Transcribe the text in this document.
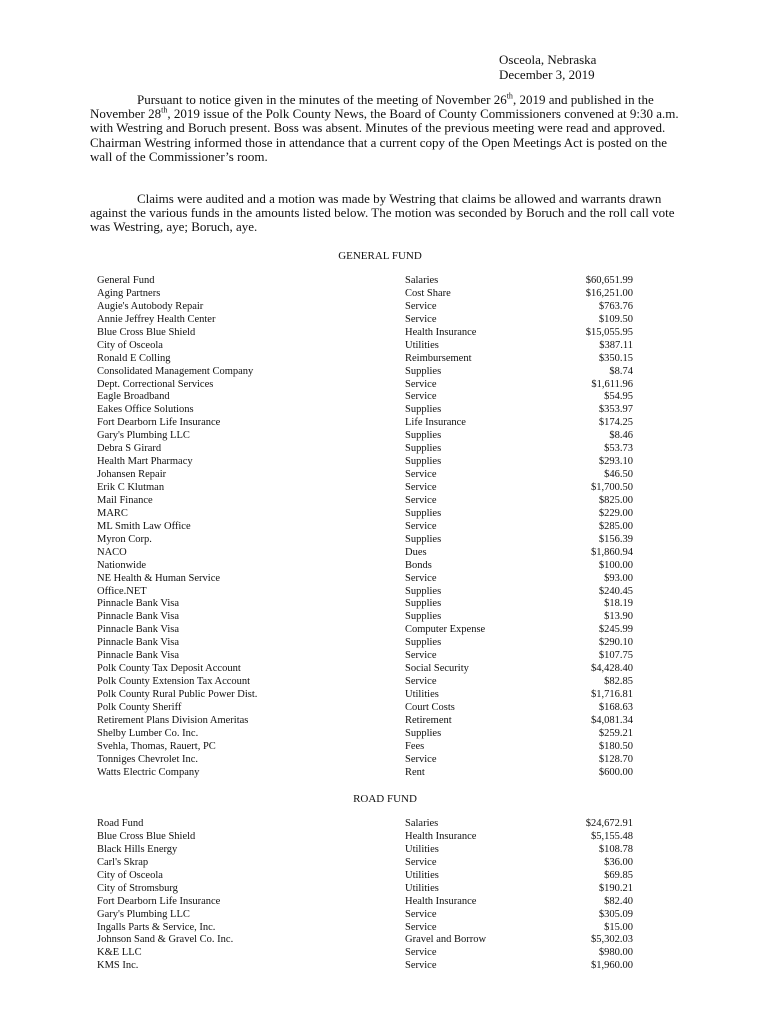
Osceola, Nebraska
December 3, 2019

Pursuant to notice given in the minutes of the meeting of November 26th, 2019 and published in the November 28th, 2019 issue of the Polk County News, the Board of County Commissioners convened at 9:30 a.m. with Westring and Boruch present. Boss was absent. Minutes of the previous meeting were read and approved. Chairman Westring informed those in attendance that a current copy of the Open Meetings Act is posted on the wall of the Commissioner’s room.

Claims were audited and a motion was made by Westring that claims be allowed and warrants drawn against the various funds in the amounts listed below. The motion was seconded by Boruch and the roll call vote was Westring, aye; Boruch, aye.

GENERAL FUND
General Fund	Salaries	$60,651.99
Aging Partners	Cost Share	$16,251.00
Augie's Autobody Repair	Service	$763.76
Annie Jeffrey Health Center	Service	$109.50
Blue Cross Blue Shield	Health Insurance	$15,055.95
City of Osceola	Utilities	$387.11
Ronald E Colling	Reimbursement	$350.15
Consolidated Management Company	Supplies	$8.74
Dept. Correctional Services	Service	$1,611.96
Eagle Broadband	Service	$54.95
Eakes Office Solutions	Supplies	$353.97
Fort Dearborn Life Insurance	Life Insurance	$174.25
Gary's Plumbing LLC	Supplies	$8.46
Debra S Girard	Supplies	$53.73
Health Mart Pharmacy	Supplies	$293.10
Johansen Repair	Service	$46.50
Erik C Klutman	Service	$1,700.50
Mail Finance	Service	$825.00
MARC	Supplies	$229.00
ML Smith Law Office	Service	$285.00
Myron Corp.	Supplies	$156.39
NACO	Dues	$1,860.94
Nationwide	Bonds	$100.00
NE Health & Human Service	Service	$93.00
Office.NET	Supplies	$240.45
Pinnacle Bank Visa	Supplies	$18.19
Pinnacle Bank Visa	Supplies	$13.90
Pinnacle Bank Visa	Computer Expense	$245.99
Pinnacle Bank Visa	Supplies	$290.10
Pinnacle Bank Visa	Service	$107.75
Polk County Tax Deposit Account	Social Security	$4,428.40
Polk County Extension Tax Account	Service	$82.85
Polk County Rural Public Power Dist.	Utilities	$1,716.81
Polk County Sheriff	Court Costs	$168.63
Retirement Plans Division Ameritas	Retirement	$4,081.34
Shelby Lumber Co. Inc.	Supplies	$259.21
Svehla, Thomas, Rauert, PC	Fees	$180.50
Tonniges Chevrolet Inc.	Service	$128.70
Watts Electric Company	Rent	$600.00
ROAD FUND
Road Fund	Salaries	$24,672.91
Blue Cross Blue Shield	Health Insurance	$5,155.48
Black Hills Energy	Utilities	$108.78
Carl's Skrap	Service	$36.00
City of Osceola	Utilities	$69.85
City of Stromsburg	Utilities	$190.21
Fort Dearborn Life Insurance	Health Insurance	$82.40
Gary's Plumbing LLC	Service	$305.09
Ingalls Parts & Service, Inc.	Service	$15.00
Johnson Sand & Gravel Co. Inc.	Gravel and Borrow	$5,302.03
K&E LLC	Service	$980.00
KMS Inc.	Service	$1,960.00
